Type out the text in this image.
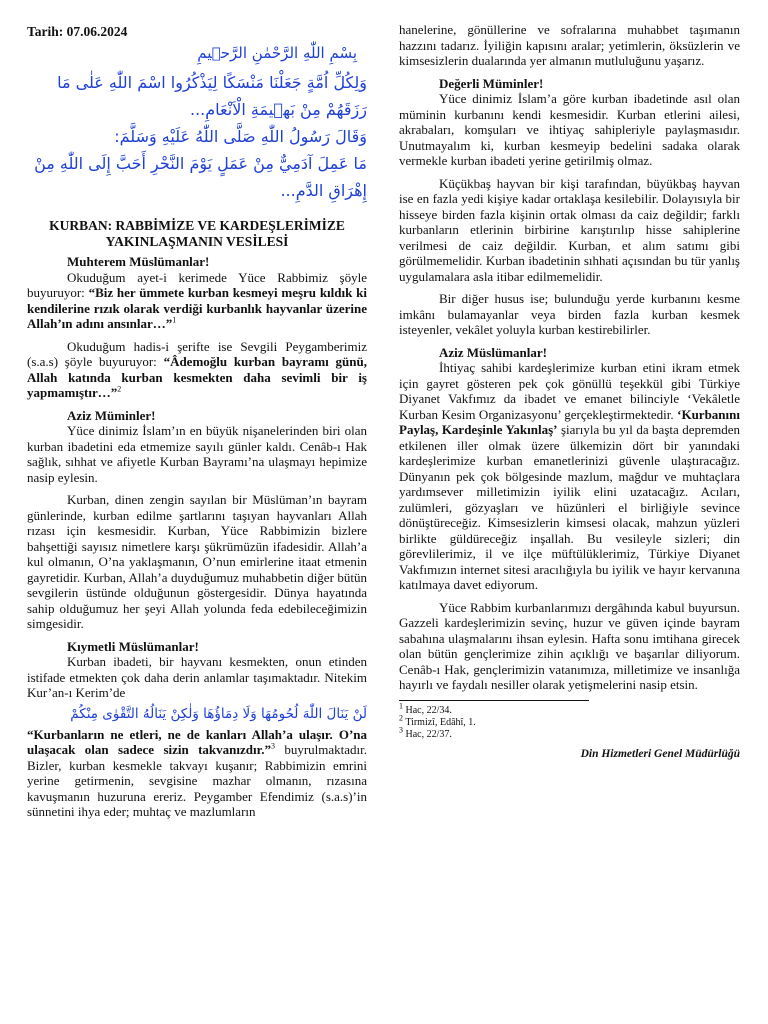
Tarih: 07.06.2024
بِسْمِ اللّٰهِ الرَّحْمٰنِ الرَّح۪يمِ

وَلِكُلِّ اُمَّةٍ جَعَلْنَا مَنْسَكًا لِيَذْكُرُوا اسْمَ اللّٰهِ عَلٰى مَا رَزَقَهُمْ مِنْ بَه۪يمَةِ الْاَنْعَامِ...

وَقَالَ رَسُولُ اللّٰهِ صَلَّى اللّٰهُ عَلَيْهِ وَسَلَّمَ:

مَا عَمِلَ آدَمِيٌّ مِنْ عَمَلٍ يَوْمَ النَّحْرِ أَحَبَّ إِلَى اللّٰهِ مِنْ إِهْرَاقِ الدَّمِ...

KURBAN: RABBİMİZE VE KARDEŞLERİMİZE YAKINLAŞMANIN VESİLESİ
Muhterem Müslümanlar!

Okuduğum ayet-i kerimede Yüce Rabbimiz şöyle buyuruyor: “Biz her ümmete kurban kesmeyi meşru kıldık ki kendilerine rızık olarak verdiği kurbanlık hayvanlar üzerine Allah’ın adını ansınlar…”$^1$

Okuduğum hadis-i şerifte ise Sevgili Peygamberimiz (s.a.s) şöyle buyuruyor: “Âdemoğlu kurban bayramı günü, Allah katında kurban kesmekten daha sevimli bir iş yapmamıştır…”$^2$

Aziz Müminler!

Yüce dinimiz İslam’ın en büyük nişanelerinden biri olan kurban ibadetini eda etmemize sayılı günler kaldı. Cenâb-ı Hak sağlık, sıhhat ve afiyetle Kurban Bayramı’na ulaşmayı hepimize nasip eylesin.

Kurban, dinen zengin sayılan bir Müslüman’ın bayram günlerinde, kurban edilme şartlarını taşıyan hayvanları Allah rızası için kesmesidir. Kurban, Yüce Rabbimizin bizlere bahşettiği sayısız nimetlere karşı şükrümüzün ifadesidir. Allah’a kul olmanın, O’na yaklaşmanın, O’nun emirlerine itaat etmenin gayretidir. Kurban, Allah’a duyduğumuz muhabbetin diğer bütün sevgilerin üstünde olduğunun göstergesidir. Dünya hayatında sahip olduğumuz her şeyi Allah yolunda feda edebileceğimizin simgesidir.

Kıymetli Müslümanlar!

Kurban ibadeti, bir hayvanı kesmekten, onun etinden istifade etmekten çok daha derin anlamlar taşımaktadır. Nitekim Kur’an-ı Kerim’de

لَنْ يَنَالَ اللّٰهَ لُحُومُهَا وَلَا دِمَاؤُهَا وَلٰكِنْ يَنَالُهُ التَّقْوٰى مِنْكُمْ

“Kurbanların ne etleri, ne de kanları Allah’a ulaşır. O’na ulaşacak olan sadece sizin takvanızdır.”$^3$ buyrulmaktadır. Bizler, kurban kesmekle takvayı kuşanır; Rabbimizin emrini yerine getirmenin, sevgisine mazhar olmanın, rızasına kavuşmanın huzuruna ereriz. Peygamber Efendimiz (s.a.s)’in sünnetini ihya eder; muhtaç ve mazlumların

hanelerine, gönüllerine ve sofralarına muhabbet taşımanın hazzını tadarız. İyiliğin kapısını aralar; yetimlerin, öksüzlerin ve kimsesizlerin dualarında yer almanın mutluluğunu yaşarız.

Değerli Müminler!

Yüce dinimiz İslam’a göre kurban ibadetinde asıl olan müminin kurbanını kendi kesmesidir. Kurban etlerini ailesi, akrabaları, komşuları ve ihtiyaç sahipleriyle paylaşmasıdır. Unutmayalım ki, kurban kesmeyip bedelini sadaka olarak vermekle kurban ibadeti yerine getirilmiş olmaz.

Küçükbaş hayvan bir kişi tarafından, büyükbaş hayvan ise en fazla yedi kişiye kadar ortaklaşa kesilebilir. Dolayısıyla bir hisseye birden fazla kişinin ortak olması da caiz değildir; farklı kurbanların etlerinin birbirine karıştırılıp hisse sahiplerine verilmesi de caiz değildir. Kurban, et alım satımı gibi görülmemelidir. Kurban ibadetinin sıhhati açısından bu tür yanlış uygulamalara asla itibar edilmemelidir.

Bir diğer husus ise; bulunduğu yerde kurbanını kesme imkânı bulamayanlar veya birden fazla kurban kesmek isteyenler, vekâlet yoluyla kurban kestirebilirler.

Aziz Müslümanlar!

İhtiyaç sahibi kardeşlerimize kurban etini ikram etmek için gayret gösteren pek çok gönüllü teşekkül gibi Türkiye Diyanet Vakfımız da ibadet ve emanet bilinciyle ‘Vekâletle Kurban Kesim Organizasyonu’ gerçekleştirmektedir. ‘Kurbanını Paylaş, Kardeşinle Yakınlaş’ şiarıyla bu yıl da başta depremden etkilenen iller olmak üzere ülkemizin dört bir yanındaki kardeşlerimize kurban emanetlerinizi güvenle ulaştıracağız. Dünyanın pek çok bölgesinde mazlum, mağdur ve muhtaçlara yardımsever milletimizin iyilik elini uzatacağız. Acıları, zulümleri, gözyaşları ve hüzünleri el birliğiyle sevince dönüştüreceğiz. Kimsesizlerin kimsesi olacak, mahzun yüzleri birlikte güldüreceğiz inşallah. Bu vesileyle sizleri; din görevlilerimiz, il ve ilçe müftülüklerimiz, Türkiye Diyanet Vakfımızın internet sitesi aracılığıyla bu iyilik ve hayır kervanına katılmaya davet ediyorum.

Yüce Rabbim kurbanlarımızı dergâhında kabul buyursun. Gazzeli kardeşlerimizin sevinç, huzur ve güven içinde bayram sabahına ulaşmalarını ihsan eylesin. Hafta sonu imtihana girecek olan bütün gençlerimize zihin açıklığı ve başarılar diliyorum. Cenâb-ı Hak, gençlerimizin vatanımıza, milletimize ve insanlığa hayırlı ve faydalı nesiller olarak yetişmelerini nasip etsin.

$^1$ Hac, 22/34.
$^2$ Tirmizî, Edâhî, 1.
$^3$ Hac, 22/37.
Din Hizmetleri Genel Müdürlüğü
